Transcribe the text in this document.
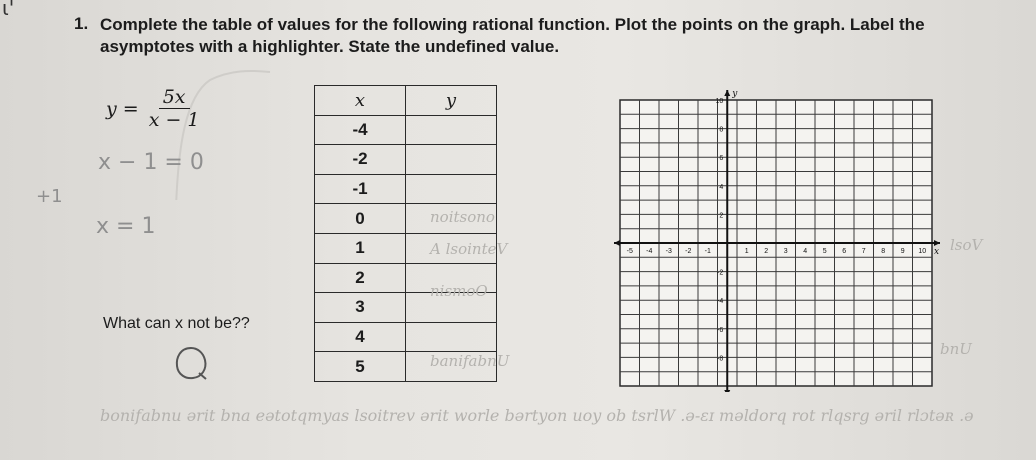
ɩ'
1. Complete the table of values for the following rational function. Plot the points on the graph. Label the asymptotes with a highlighter. State the undefined value.
$y = \frac{5x}{x - 1}$
x − 1 = 0
+1
x = 1
What can x not be??
x	y
-4	
-2	
-1	
0	
1	
2	
3	
4	
5	
-5 -4 -3 -2 -1	1 2 3 4 5 6 7 8 9 10
10
8
6
4
2
-2
-4
-6
-8
x
y
noitsono
A lsointeV
nismoO
banifabnU
lsoV
bnU
bonifabnu ərit bna eətotqmyas lsoitrev ərit worle bərtyon uoy ob tsrlW .ə-ɛɪ məldorq rot rlqsrg əril rlɔtəʀ .ə
